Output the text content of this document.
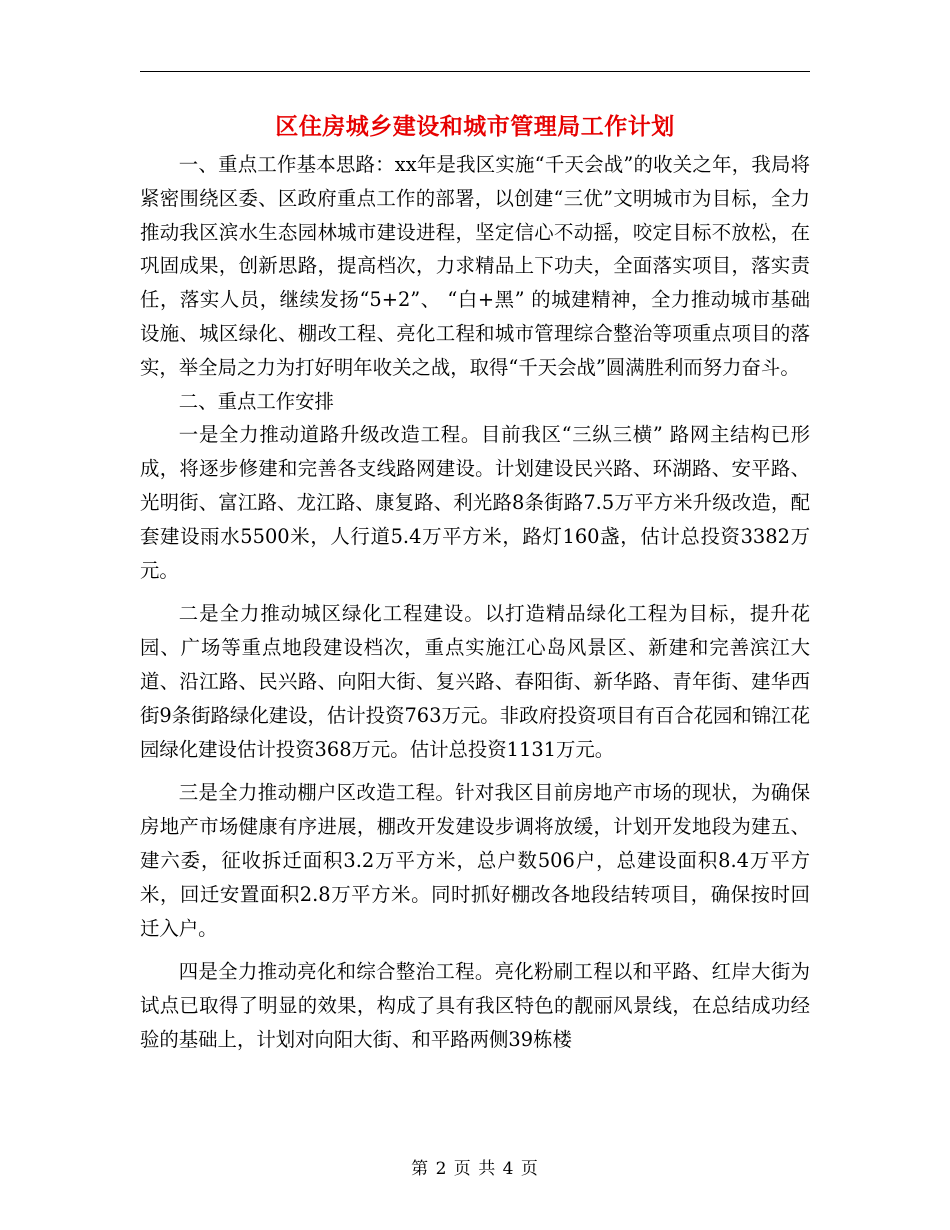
区住房城乡建设和城市管理局工作计划

一、重点工作基本思路：xx年是我区实施“千天会战”的收关之年，我局将紧密围绕区委、区政府重点工作的部署，以创建“三优”文明城市为目标，全力推动我区滨水生态园林城市建设进程，坚定信心不动摇，咬定目标不放松，在巩固成果，创新思路，提高档次，力求精品上下功夫，全面落实项目，落实责任，落实人员，继续发扬“5+2”、 “白+黑” 的城建精神，全力推动城市基础设施、城区绿化、棚改工程、亮化工程和城市管理综合整治等项重点项目的落实，举全局之力为打好明年收关之战，取得“千天会战”圆满胜利而努力奋斗。

二、重点工作安排

一是全力推动道路升级改造工程。目前我区“三纵三横” 路网主结构已形成，将逐步修建和完善各支线路网建设。计划建设民兴路、环湖路、安平路、光明街、富江路、龙江路、康复路、利光路8条街路7.5万平方米升级改造，配套建设雨水5500米，人行道5.4万平方米，路灯160盏，估计总投资3382万元。

二是全力推动城区绿化工程建设。以打造精品绿化工程为目标，提升花园、广场等重点地段建设档次，重点实施江心岛风景区、新建和完善滨江大道、沿江路、民兴路、向阳大街、复兴路、春阳街、新华路、青年街、建华西街9条街路绿化建设，估计投资763万元。非政府投资项目有百合花园和锦江花园绿化建设估计投资368万元。估计总投资1131万元。

三是全力推动棚户区改造工程。针对我区目前房地产市场的现状，为确保房地产市场健康有序进展，棚改开发建设步调将放缓，计划开发地段为建五、建六委，征收拆迁面积3.2万平方米，总户数506户，总建设面积8.4万平方米，回迁安置面积2.8万平方米。同时抓好棚改各地段结转项目，确保按时回迁入户。

四是全力推动亮化和综合整治工程。亮化粉刷工程以和平路、红岸大街为试点已取得了明显的效果，构成了具有我区特色的靓丽风景线，在总结成功经验的基础上，计划对向阳大街、和平路两侧39栋楼

第 2 页 共 4 页
